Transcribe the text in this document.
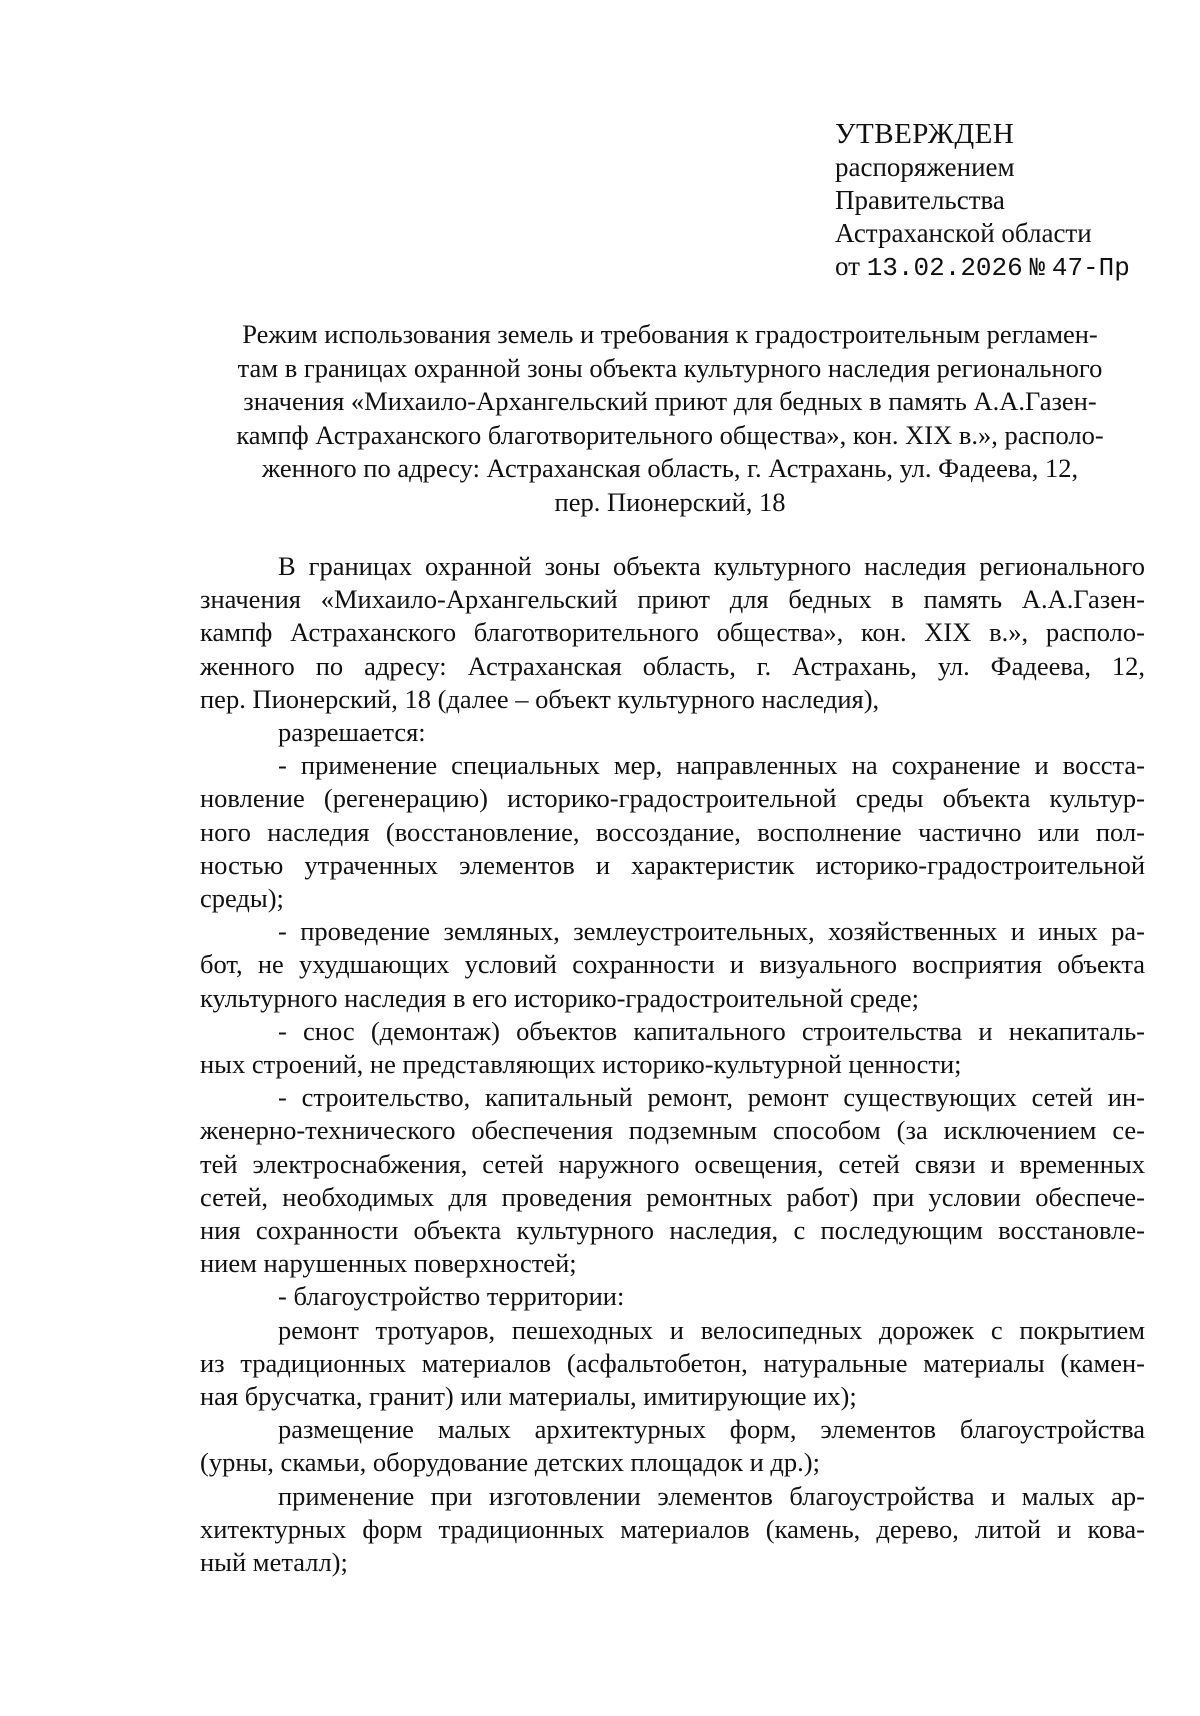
УТВЕРЖДЕН
распоряжением
Правительства
Астраханской области
от 13.02.2026 № 47-Пр
Режим использования земель и требования к градостроительным регламен-
там в границах охранной зоны объекта культурного наследия регионального
значения «Михаило-Архангельский приют для бедных в память А.А.Газен-
кампф Астраханского благотворительного общества», кон. XIX в.», располо-
женного по адресу: Астраханская область, г. Астрахань, ул. Фадеева, 12,
пер. Пионерский, 18
В границах охранной зоны объекта культурного наследия регионального
значения «Михаило-Архангельский приют для бедных в память А.А.Газен-
кампф Астраханского благотворительного общества», кон. XIX в.», располо-
женного по адресу: Астраханская область, г. Астрахань, ул. Фадеева, 12,
пер. Пионерский, 18 (далее – объект культурного наследия),
разрешается:
- применение специальных мер, направленных на сохранение и восста-
новление (регенерацию) историко-градостроительной среды объекта культур-
ного наследия (восстановление, воссоздание, восполнение частично или пол-
ностью утраченных элементов и характеристик историко-градостроительной
среды);
- проведение земляных, землеустроительных, хозяйственных и иных ра-
бот, не ухудшающих условий сохранности и визуального восприятия объекта
культурного наследия в его историко-градостроительной среде;
- снос (демонтаж) объектов капитального строительства и некапиталь-
ных строений, не представляющих историко-культурной ценности;
- строительство, капитальный ремонт, ремонт существующих сетей ин-
женерно-технического обеспечения подземным способом (за исключением се-
тей электроснабжения, сетей наружного освещения, сетей связи и временных
сетей, необходимых для проведения ремонтных работ) при условии обеспече-
ния сохранности объекта культурного наследия, с последующим восстановле-
нием нарушенных поверхностей;
- благоустройство территории:
ремонт тротуаров, пешеходных и велосипедных дорожек с покрытием
из традиционных материалов (асфальтобетон, натуральные материалы (камен-
ная брусчатка, гранит) или материалы, имитирующие их);
размещение малых архитектурных форм, элементов благоустройства
(урны, скамьи, оборудование детских площадок и др.);
применение при изготовлении элементов благоустройства и малых ар-
хитектурных форм традиционных материалов (камень, дерево, литой и кова-
ный металл);
